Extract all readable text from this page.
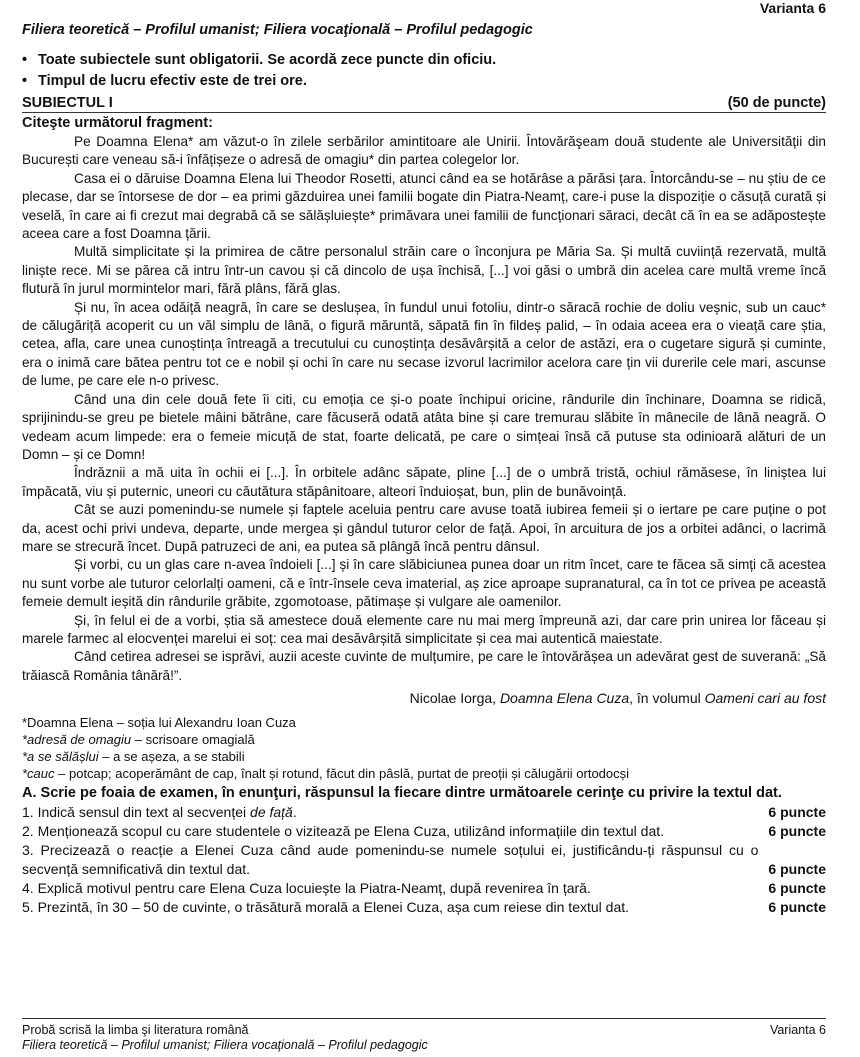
Varianta 6
Filiera teoretică – Profilul umanist; Filiera vocaţională – Profilul pedagogic
• Toate subiectele sunt obligatorii. Se acordă zece puncte din oficiu.
• Timpul de lucru efectiv este de trei ore.
SUBIECTUL I	(50 de puncte)
Citeşte următorul fragment:

Pe Doamna Elena* am văzut-o în zilele serbărilor amintitoare ale Unirii. Întovărăşeam două studente ale Universității din București care veneau să-i înfățișeze o adresă de omagiu* din partea colegelor lor.

Casa ei o dăruise Doamna Elena lui Theodor Rosetti, atunci când ea se hotărâse a părăsi țara. Întorcându-se – nu știu de ce plecase, dar se întorsese de dor – ea primi găzduirea unei familii bogate din Piatra-Neamț, care-i puse la dispoziție o căsuță curată și veselă, în care ai fi crezut mai degrabă că se sălășluiește* primăvara unei familii de funcționari săraci, decât că în ea se adăpostește aceea care a fost Doamna țării.

Multă simplicitate și la primirea de către personalul străin care o înconjura pe Măria Sa. Și multă cuviință rezervată, multă liniște rece. Mi se părea că intru într-un cavou și că dincolo de ușa închisă, [...] voi găsi o umbră din acelea care multă vreme încă flutură în jurul mormintelor mari, fără plâns, fără glas.

Și nu, în acea odăiță neagră, în care se deslușea, în fundul unui fotoliu, dintr-o săracă rochie de doliu veșnic, sub un cauc* de călugăriță acoperit cu un văl simplu de lână, o figură măruntă, săpată fin în fildeș palid, – în odaia aceea era o vieață care știa, cetea, afla, care unea cunoștința întreagă a trecutului cu cunoștința desăvârșită a celor de astăzi, era o cugetare sigură și cuminte, era o inimă care bătea pentru tot ce e nobil și ochi în care nu secase izvorul lacrimilor acelora care țin vii durerile cele mari, ascunse de lume, pe care ele n-o privesc.

Când una din cele două fete îi citi, cu emoția ce și-o poate închipui oricine, rândurile din închinare, Doamna se ridică, sprijinindu-se greu pe bietele mâini bătrâne, care făcuseră odată atâta bine și care tremurau slăbite în mânecile de lână neagră. O vedeam acum limpede: era o femeie micuță de stat, foarte delicată, pe care o simțeai însă că putuse sta odinioară alături de un Domn – și ce Domn!

Îndrăznii a mă uita în ochii ei [...]. În orbitele adânc săpate, pline [...] de o umbră tristă, ochiul rămăsese, în liniștea lui împăcată, viu și puternic, uneori cu căutătura stăpânitoare, alteori înduioșat, bun, plin de bunăvoință.

Cât se auzi pomenindu-se numele și faptele aceluia pentru care avuse toată iubirea femeii și o iertare pe care puține o pot da, acest ochi privi undeva, departe, unde mergea și gândul tuturor celor de față. Apoi, în arcuitura de jos a orbitei adânci, o lacrimă mare se strecură încet. După patruzeci de ani, ea putea să plângă încă pentru dânsul.

Și vorbi, cu un glas care n-avea îndoieli [...] și în care slăbiciunea punea doar un ritm încet, care te făcea să simți că acestea nu sunt vorbe ale tuturor celorlalți oameni, că e într-însele ceva imaterial, aș zice aproape supranatural, ca în tot ce privea pe această femeie demult ieșită din rândurile grăbite, zgomotoase, pătimașe și vulgare ale oamenilor.

Și, în felul ei de a vorbi, știa să amestece două elemente care nu mai merg împreună azi, dar care prin unirea lor făceau și marele farmec al elocvenței marelui ei soț: cea mai desăvârșită simplicitate și cea mai autentică maiestate.

Când cetirea adresei se isprăvi, auzii aceste cuvinte de mulțumire, pe care le întovărășea un adevărat gest de suverană: „Să trăiască România tânără!”.

Nicolae Iorga, Doamna Elena Cuza, în volumul Oameni cari au fost
*Doamna Elena – soția lui Alexandru Ioan Cuza
*adresă de omagiu – scrisoare omagială
*a se sălășlui – a se așeza, a se stabili
*cauc – potcap; acoperământ de cap, înalt și rotund, făcut din pâslă, purtat de preoții și călugării ortodocși
A. Scrie pe foaia de examen, în enunţuri, răspunsul la fiecare dintre următoarele cerinţe cu privire la textul dat.
1. Indică sensul din text al secvenței de față.	6 puncte
2. Menționează scopul cu care studentele o vizitează pe Elena Cuza, utilizând informațiile din textul dat.	6 puncte
3. Precizează o reacție a Elenei Cuza când aude pomenindu-se numele soțului ei, justificându-ți răspunsul cu o secvență semnificativă din textul dat.	6 puncte
4. Explică motivul pentru care Elena Cuza locuiește la Piatra-Neamț, după revenirea în țară.	6 puncte
5. Prezintă, în 30 – 50 de cuvinte, o trăsătură morală a Elenei Cuza, așa cum reiese din textul dat.	6 puncte
Probă scrisă la limba şi literatura română	Varianta 6
Filiera teoretică – Profilul umanist; Filiera vocaţională – Profilul pedagogic
